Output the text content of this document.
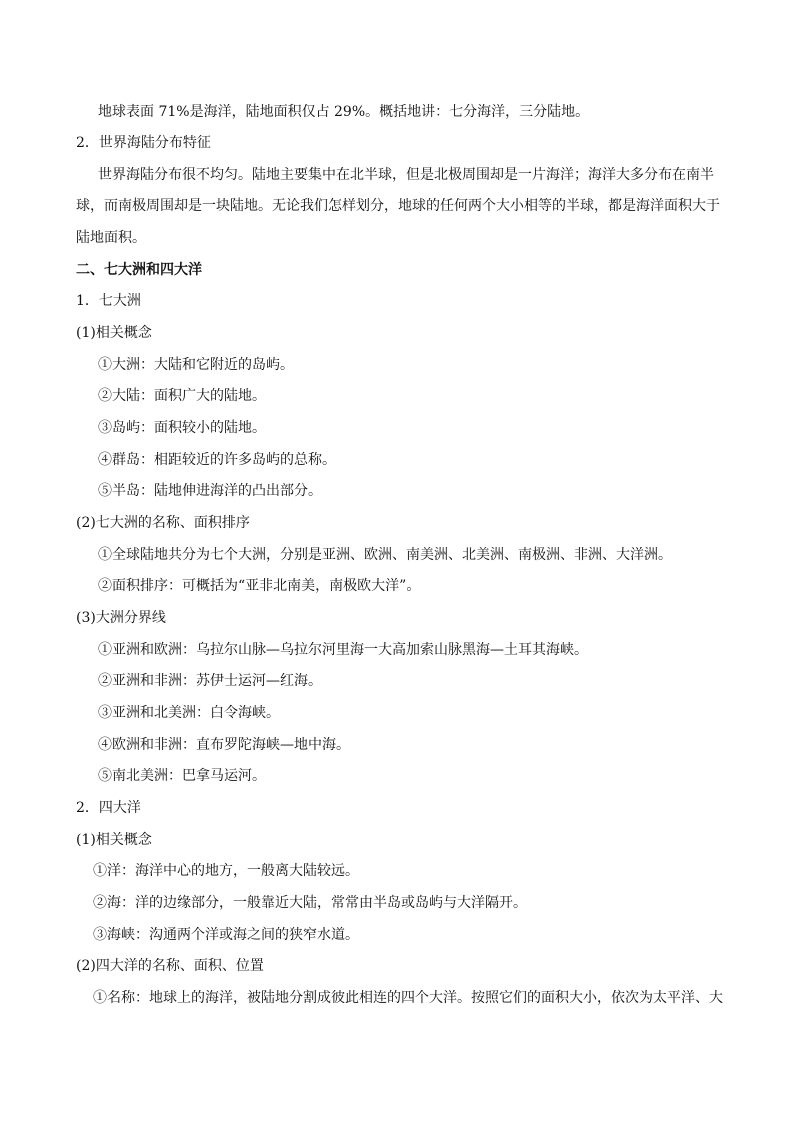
地球表面 71%是海洋，陆地面积仅占 29%。概括地讲：七分海洋，三分陆地。
2．世界海陆分布特征
世界海陆分布很不均匀。陆地主要集中在北半球，但是北极周围却是一片海洋；海洋大多分布在南半
球，而南极周围却是一块陆地。无论我们怎样划分，地球的任何两个大小相等的半球，都是海洋面积大于
陆地面积。
二、七大洲和四大洋
1．七大洲
(1)相关概念
①大洲：大陆和它附近的岛屿。
②大陆：面积广大的陆地。
③岛屿：面积较小的陆地。
④群岛：相距较近的许多岛屿的总称。
⑤半岛：陆地伸进海洋的凸出部分。
(2)七大洲的名称、面积排序
①全球陆地共分为七个大洲，分别是亚洲、欧洲、南美洲、北美洲、南极洲、非洲、大洋洲。
②面积排序：可概括为“亚非北南美，南极欧大洋”。
(3)大洲分界线
①亚洲和欧洲：乌拉尔山脉—乌拉尔河里海一大高加索山脉黑海—土耳其海峡。
②亚洲和非洲：苏伊士运河—红海。
③亚洲和北美洲：白令海峡。
④欧洲和非洲：直布罗陀海峡—地中海。
⑤南北美洲：巴拿马运河。
2．四大洋
(1)相关概念
①洋：海洋中心的地方，一般离大陆较远。
②海：洋的边缘部分，一般靠近大陆，常常由半岛或岛屿与大洋隔开。
③海峡：沟通两个洋或海之间的狭窄水道。
(2)四大洋的名称、面积、位置
①名称：地球上的海洋，被陆地分割成彼此相连的四个大洋。按照它们的面积大小，依次为太平洋、大
